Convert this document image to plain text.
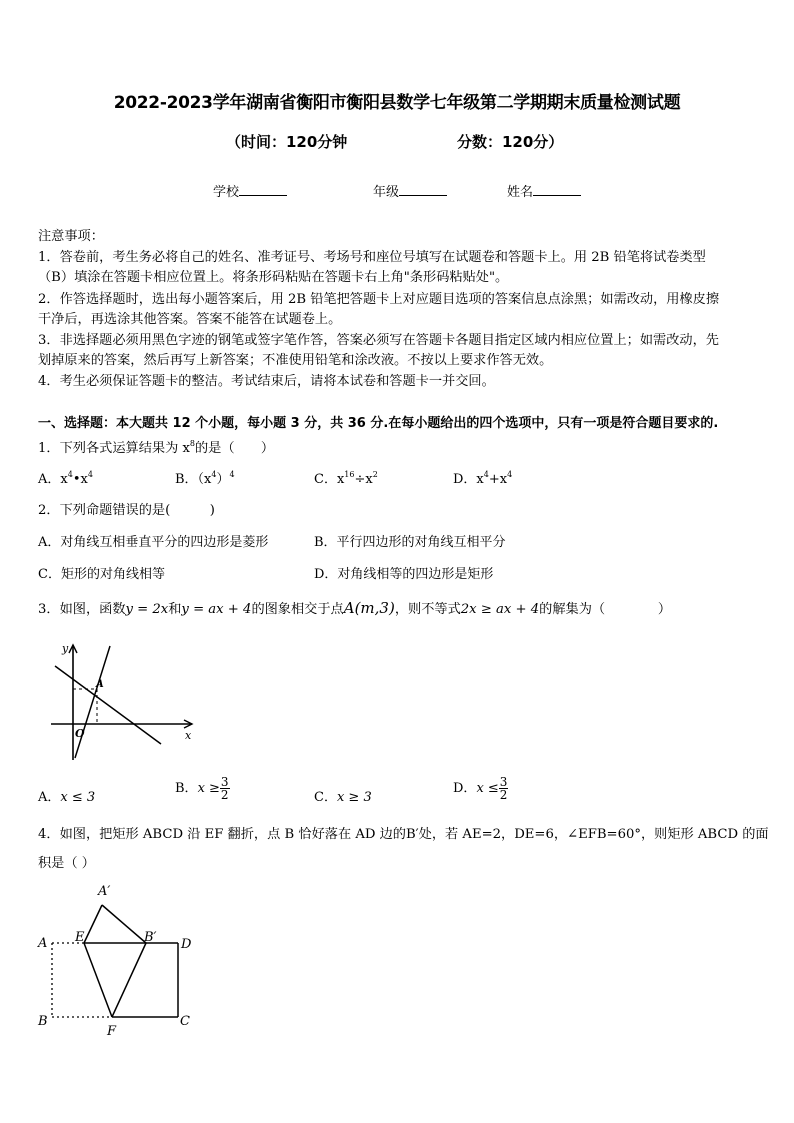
2022-2023学年湖南省衡阳市衡阳县数学七年级第二学期期末质量检测试题
（时间：120分钟	分数：120分）
学校	年级	姓名
注意事项：
1．答卷前，考生务必将自己的姓名、准考证号、考场号和座位号填写在试题卷和答题卡上。用 2B 铅笔将试卷类型
（B）填涂在答题卡相应位置上。将条形码粘贴在答题卡右上角"条形码粘贴处"。
2．作答选择题时，选出每小题答案后，用 2B 铅笔把答题卡上对应题目选项的答案信息点涂黑；如需改动，用橡皮擦
干净后，再选涂其他答案。答案不能答在试题卷上。
3．非选择题必须用黑色字迹的钢笔或签字笔作答，答案必须写在答题卡各题目指定区域内相应位置上；如需改动，先
划掉原来的答案，然后再写上新答案；不准使用铅笔和涂改液。不按以上要求作答无效。
4．考生必须保证答题卡的整洁。考试结束后，请将本试卷和答题卡一并交回。
一、选择题：本大题共 12 个小题，每小题 3 分，共 36 分.在每小题给出的四个选项中，只有一项是符合题目要求的.
1．下列各式运算结果为 $x^8$的是（　　）
A．$x^4•x^4$	B．$(x^4)^4$	C．$x^{16}\div x^2$	D．$x^4+x^4$
2．下列命题错误的是(　　　)
A．对角线互相垂直平分的四边形是菱形	B．平行四边形的对角线互相平分
C．矩形的对角线相等	D．对角线相等的四边形是矩形
3．如图，函数y = 2x和y = ax + 4的图象相交于点A(m,3)，则不等式2x ≥ ax + 4的解集为（　　　　）
y
x
O
A
A．x ≤ 3
B．$x \ge \frac{3}{2}$	C．x ≥ 3
D．$x \le \frac{3}{2}$
4．如图，把矩形 ABCD 沿 EF 翻折，点 B 恰好落在 AD 边的B′处，若 AE=2，DE=6，∠EFB=60°，则矩形 ABCD 的面
积是（ ）
A′
A E	B′ D
B
F
C
